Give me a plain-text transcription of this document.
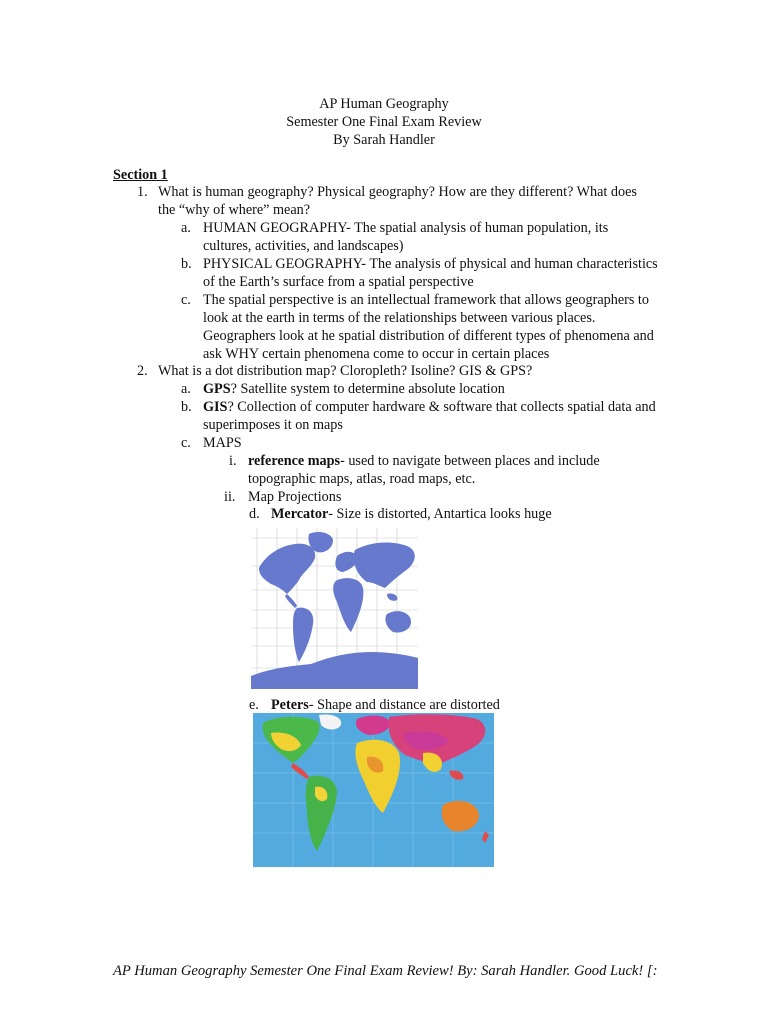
AP Human Geography
Semester One Final Exam Review
By Sarah Handler
Section 1
1. What is human geography? Physical geography? How are they different? What does
the “why of where” mean?
a. HUMAN GEOGRAPHY- The spatial analysis of human population, its
cultures, activities, and landscapes)
b. PHYSICAL GEOGRAPHY- The analysis of physical and human characteristics
of the Earth’s surface from a spatial perspective
c. The spatial perspective is an intellectual framework that allows geographers to
look at the earth in terms of the relationships between various places.
Geographers look at he spatial distribution of different types of phenomena and
ask WHY certain phenomena come to occur in certain places
2. What is a dot distribution map? Cloropleth? Isoline? GIS & GPS?
a. GPS? Satellite system to determine absolute location
b. GIS? Collection of computer hardware & software that collects spatial data and
superimposes it on maps
c. MAPS
i. reference maps- used to navigate between places and include
topographic maps, atlas, road maps, etc.
ii. Map Projections
d. Mercator- Size is distorted, Antartica looks huge
e. Peters- Shape and distance are distorted
AP Human Geography Semester One Final Exam Review! By: Sarah Handler. Good Luck! [:
